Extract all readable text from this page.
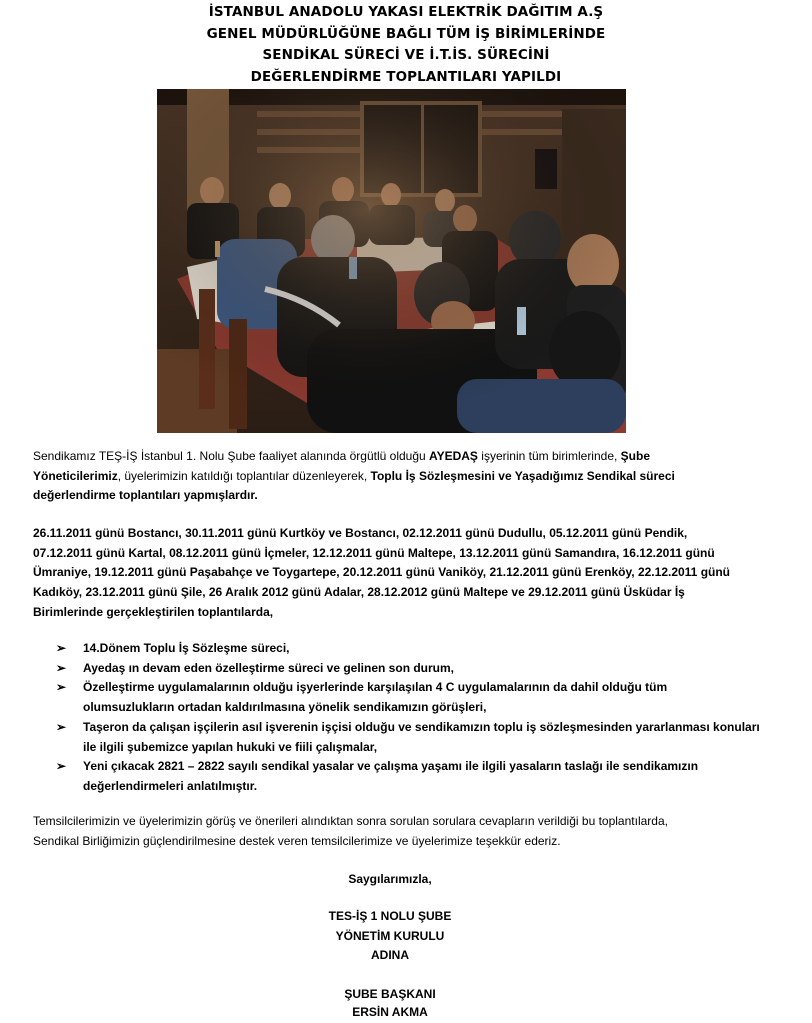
İSTANBUL ANADOLU YAKASI ELEKTRİK DAĞITIM A.Ş
GENEL MÜDÜRLÜĞÜNE BAĞLI TÜM İŞ BİRİMLERİNDE
SENDİKAL SÜRECİ VE İ.T.İS. SÜRECİNİ
DEĞERLENDİRME TOPLANTILARI YAPILDI
Sendikamız TEŞ-İŞ İstanbul 1. Nolu Şube faaliyet alanında örgütlü olduğu AYEDAŞ işyerinin tüm birimlerinde, Şube
Yöneticilerimiz, üyelerimizin katıldığı toplantılar düzenleyerek, Toplu İş Sözleşmesini ve Yaşadığımız Sendikal süreci
değerlendirme toplantıları yapmışlardır.
26.11.2011 günü Bostancı, 30.11.2011 günü Kurtköy ve Bostancı, 02.12.2011 günü Dudullu, 05.12.2011 günü Pendik,
07.12.2011 günü Kartal, 08.12.2011 günü İçmeler, 12.12.2011 günü Maltepe, 13.12.2011 günü Samandıra, 16.12.2011 günü
Ümraniye, 19.12.2011 günü Paşabahçe ve Toygartepe, 20.12.2011 günü Vaniköy, 21.12.2011 günü Erenköy, 22.12.2011 günü
Kadıköy, 23.12.2011 günü Şile, 26 Aralık 2012 günü Adalar, 28.12.2012 günü Maltepe ve 29.12.2011 günü Üsküdar İş
Birimlerinde gerçekleştirilen toplantılarda,
➢ 14.Dönem Toplu İş Sözleşme süreci,
➢ Ayedaş ın devam eden özelleştirme süreci ve gelinen son durum,
➢ Özelleştirme uygulamalarının olduğu işyerlerinde karşılaşılan 4 C uygulamalarının da dahil olduğu tüm
olumsuzlukların ortadan kaldırılmasına yönelik sendikamızın görüşleri,
➢ Taşeron da çalışan işçilerin asıl işverenin işçisi olduğu ve sendikamızın toplu iş sözleşmesinden yararlanması konuları
ile ilgili şubemizce yapılan hukuki ve fiili çalışmalar,
➢ Yeni çıkacak 2821 – 2822 sayılı sendikal yasalar ve çalışma yaşamı ile ilgili yasaların taslağı ile sendikamızın
değerlendirmeleri anlatılmıştır.
Temsilcilerimizin ve üyelerimizin görüş ve önerileri alındıktan sonra sorulan sorulara cevapların verildiği bu toplantılarda,
Sendikal Birliğimizin güçlendirilmesine destek veren temsilcilerimize ve üyelerimize teşekkür ederiz.
Saygılarımızla,
TES-İŞ 1 NOLU ŞUBE
YÖNETİM KURULU
ADINA
ŞUBE BAŞKANI
ERSİN AKMA
